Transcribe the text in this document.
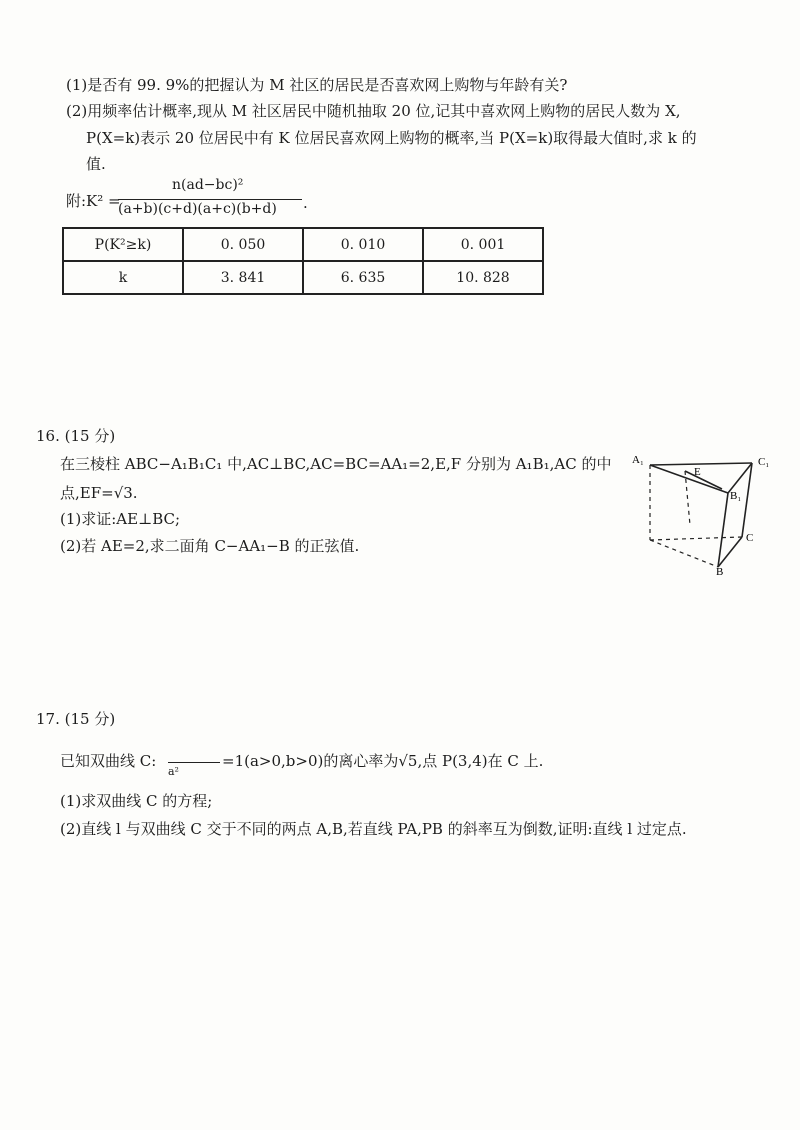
(1)是否有 99. 9%的把握认为 M 社区的居民是否喜欢网上购物与年龄有关?
(2)用频率估计概率,现从 M 社区居民中随机抽取 20 位,记其中喜欢网上购物的居民人数为 X,
P(X=k)表示 20 位居民中有 K 位居民喜欢网上购物的概率,当 P(X=k)取得最大值时,求 k 的
值.
附:K² =
n(ad−bc)²
(a+b)(c+d)(a+c)(b+d) .
P(K²≥k)	0. 050	0. 010	0. 001
k	3. 841	6. 635	10. 828
16. (15 分)
在三棱柱 ABC−A₁B₁C₁ 中,AC⊥BC,AC=BC=AA₁=2,E,F 分别为 A₁B₁,AC 的中
点,EF=√3.
(1)求证:AE⊥BC;
(2)若 AE=2,求二面角 C−AA₁−B 的正弦值.
A₁	C₁
E
B₁
C
B
17. (15 分)
已知双曲线 C:
a²
=1(a>0,b>0)的离心率为√5,点 P(3,4)在 C 上.
(1)求双曲线 C 的方程;
(2)直线 l 与双曲线 C 交于不同的两点 A,B,若直线 PA,PB 的斜率互为倒数,证明:直线 l 过定点.
